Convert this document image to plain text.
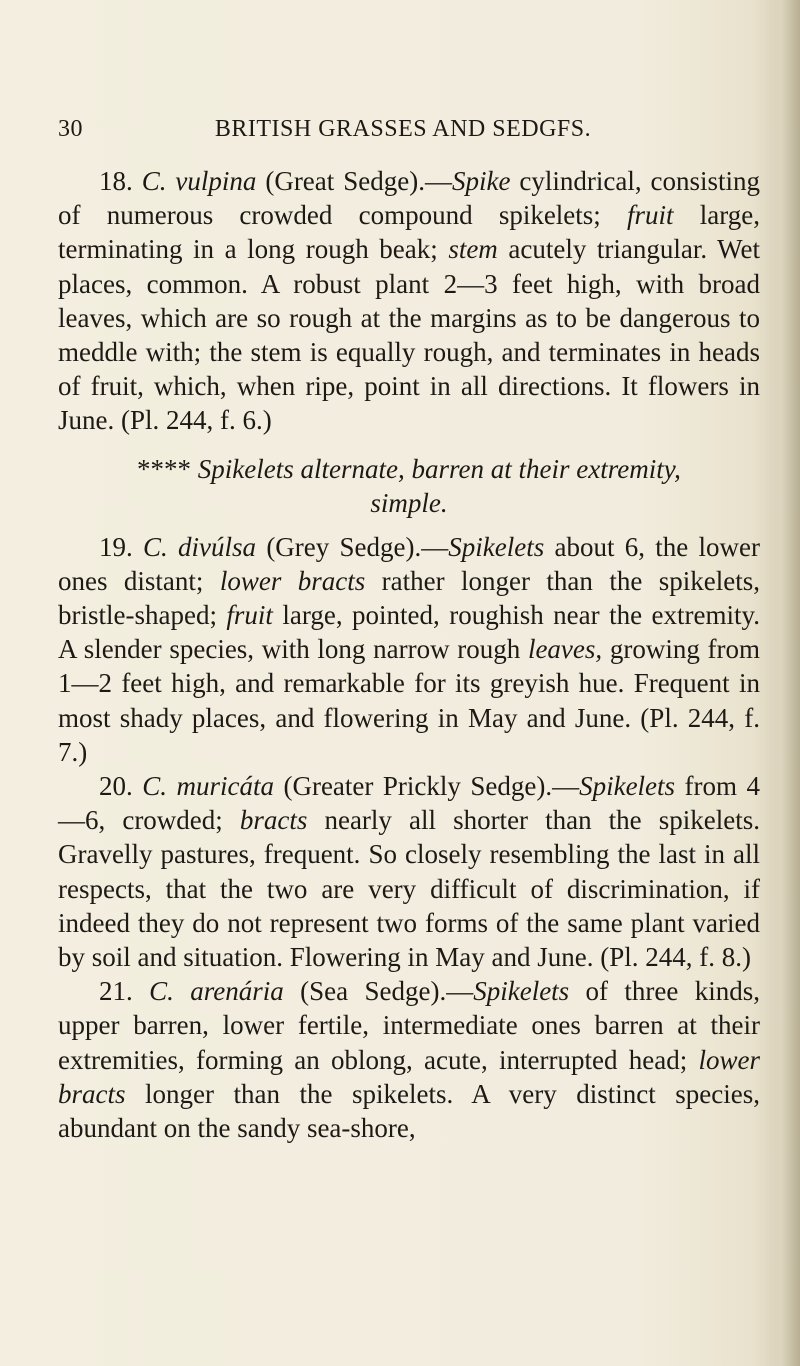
30	BRITISH GRASSES AND SEDGFS.

18. C. vulpina (Great Sedge).—Spike cylindrical, consisting of numerous crowded compound spikelets; fruit large, terminating in a long rough beak; stem acutely triangular. Wet places, common. A robust plant 2—3 feet high, with broad leaves, which are so rough at the margins as to be dangerous to meddle with; the stem is equally rough, and terminates in heads of fruit, which, when ripe, point in all directions. It flowers in June. (Pl. 244, f. 6.)

**** Spikelets alternate, barren at their extremity,
simple.

19. C. divúlsa (Grey Sedge).—Spikelets about 6, the lower ones distant; lower bracts rather longer than the spikelets, bristle-shaped; fruit large, pointed, roughish near the extremity. A slender species, with long narrow rough leaves, growing from 1—2 feet high, and remarkable for its greyish hue. Frequent in most shady places, and flowering in May and June. (Pl. 244, f. 7.)

20. C. muricáta (Greater Prickly Sedge).—Spikelets from 4—6, crowded; bracts nearly all shorter than the spikelets. Gravelly pastures, frequent. So closely resembling the last in all respects, that the two are very difficult of discrimination, if indeed they do not represent two forms of the same plant varied by soil and situation. Flowering in May and June. (Pl. 244, f. 8.)

21. C. arenária (Sea Sedge).—Spikelets of three kinds, upper barren, lower fertile, intermediate ones barren at their extremities, forming an oblong, acute, interrupted head; lower bracts longer than the spikelets. A very distinct species, abundant on the sandy sea-shore,
